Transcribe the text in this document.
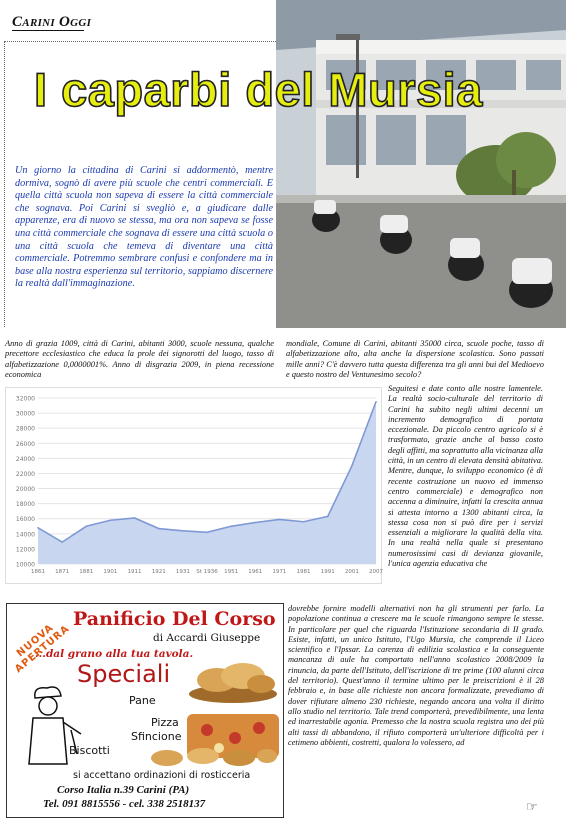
Carini Oggi
I caparbi del Mursia
Un giorno la cittadina di Carini si addormentò, mentre dormiva, sognò di avere più scuole che centri commerciali. E quella città scuola non sapeva di essere la città commerciale che sognava. Poi Carini si svegliò e, a giudicare dalle apparenze, era di nuovo se stessa, ma ora non sapeva se fosse una città commerciale che sognava di essere una città scuola o una città scuola che temeva di diventare una città commerciale. Potremmo sembrare confusi e confondere ma in base alla nostra esperienza sul territorio, sappiamo discernere la realtà dall'immaginazione.
Anno di grazia 1009, città di Carini, abitanti 3000, scuole nessuna, qualche precettore ecclesiastico che educa la prole dei signorotti del luogo, tasso di alfabetizzazione 0,0000001%. Anno di disgrazia 2009, in piena recessione economica
mondiale, Comune di Carini, abitanti 35000 circa, scuole poche, tasso di alfabetizzazione alto, alta anche la dispersione scolastica. Sono passati mille anni? C'è davvero tutta questa differenza tra gli anni bui del Medioevo e questo nostro del Ventunesimo secolo?
Seguitesi e date conto alle nostre lamentele. La realtà socio-culturale del territorio di Carini ha subito negli ultimi decenni un incremento demografico di portata eccezionale. Da piccolo centro agricolo si è trasformato, grazie anche al basso costo degli affitti, ma soprattutto alla vicinanza alla città, in un centro di elevata densità abitativa. Mentre, dunque, lo sviluppo economico (è di recente costruzione un nuovo ed immenso centro commerciale) e demografico non accenna a diminuire, infatti la crescita annua si attesta intorno a 1300 abitanti circa, la stessa cosa non si può dire per i servizi essenziali a migliorare la qualità della vita. In una realtà nella quale si presentano numerosissimi casi di devianza giovanile, l'unica agenzia educativa che
dovrebbe fornire modelli alternativi non ha gli strumenti per farlo. La popolazione continua a crescere ma le scuole rimangono sempre le stesse. In particolare per quel che riguarda l'Istituzione secondaria di II grado. Esiste, infatti, un unico Istituto, l'Ugo Mursia, che comprende il Liceo scientifico e l'Ipssar. La carenza di edilizia scolastica e la conseguente mancanza di aule ha comportato nell'anno scolastico 2008/2009 la rinuncia, da parte dell'Istituto, dell'iscrizione di tre prime (100 alunni circa del territorio). Quest'anno il termine ultimo per le preiscrizioni è il 28 febbraio e, in base alle richieste non ancora formalizzate, prevediamo di dover rifiutare almeno 230 richieste, negando ancora una volta il diritto allo studio nel territorio. Tale trend comporterà, prevedibilmente, una lenta ed inarrestabile agonia. Premesso che la nostra scuola registra uno dei più alti tassi di abbandono, il rifiuto comporterà un'ulteriore difficoltà per i cetimeno abbienti, costretti, qualora lo volessero, ad
☞
10000
12000
14000
16000
18000
20000
22000
24000
26000
28000
30000
32000
1861 1871 1881 1901 1911 1921 1931 St 1936 1951 1961 1971 1981 1991 2001 2007
NUOVA APERTURA
Panificio Del Corso
di Accardi Giuseppe
...dal grano alla tua tavola.
Speciali
Pane
Pizza
Sfincione
Biscotti
si accettano ordinazioni di rosticceria
Corso Italia n.39 Carini (PA)
Tel. 091 8815556 - cel. 338 2518137
